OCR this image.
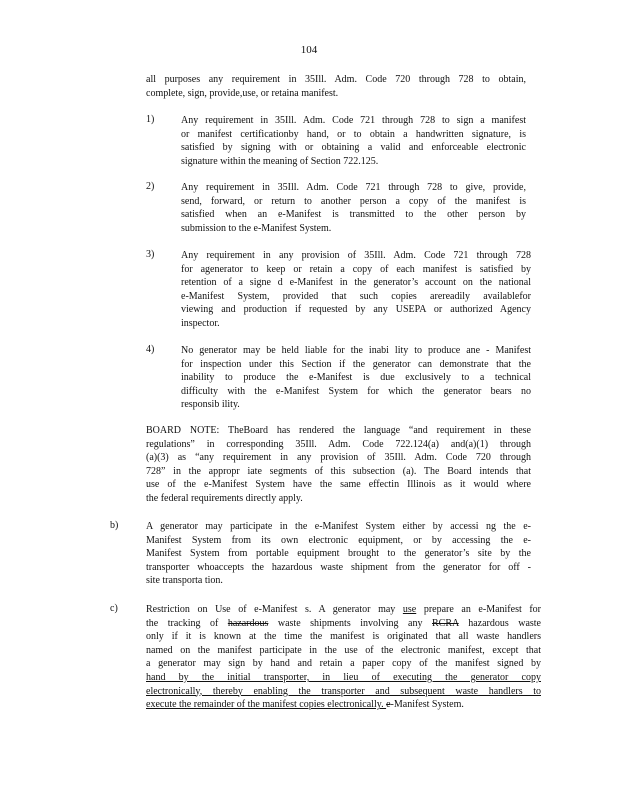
104
all purposes any requirement in 35Ill. Adm. Code 720 through 728 to obtain,
complete, sign, provide,use, or retaina manifest.
1)	Any requirement in 35Ill. Adm. Code 721 through 728 to sign a manifest
or manifest certificationby hand, or to obtain a handwritten signature, is
satisfied by signing with or obtaining a valid and enforceable electronic
signature within the meaning of Section 722.125.
2)	Any requirement in 35Ill. Adm. Code 721 through 728 to give, provide,
send, forward, or return to another person a copy of the manifest is
satisfied when an e-Manifest is transmitted to the other person by
submission to the e-Manifest System.
3)	Any requirement in any provision of 35Ill. Adm. Code 721 through 728
for agenerator to keep or retain a copy of each manifest is satisfied by
retention of a signe d e-Manifest in the generator’s account on the national
e-Manifest System, provided that such copies arereadily availablefor
viewing and production if requested by any USEPA or authorized Agency
inspector.
4)	No generator may be held liable for the inabi lity to produce ane - Manifest
for inspection under this Section if the generator can demonstrate that the
inability to produce the e-Manifest is due exclusively to a technical
difficulty with the e-Manifest System for which the generator bears no
responsib ility.
BOARD NOTE: TheBoard has rendered the language “and requirement in these
regulations” in corresponding 35Ill. Adm. Code 722.124(a) and(a)(1) through
(a)(3) as “any requirement in any provision of 35Ill. Adm. Code 720 through
728” in the appropr iate segments of this subsection (a). The Board intends that
use of the e-Manifest System have the same effectin Illinois as it would where
the federal requirements directly apply.
b)	A generator may participate in the e-Manifest System either by accessi ng the e-
Manifest System from its own electronic equipment, or by accessing the e-
Manifest System from portable equipment brought to the generator’s site by the
transporter whoaccepts the hazardous waste shipment from the generator for off -
site transporta tion.
c)	Restriction on Use of e-Manifest s. A generator may use prepare an e-Manifest for
the tracking of hazardous waste shipments involving any RCRA hazardous waste
only if it is known at the time the manifest is originated that all waste handlers
named on the manifest participate in the use of the electronic manifest, except that
a generator may sign by hand and retain a paper copy of the manifest signed by
hand by the initial transporter, in lieu of executing the generator copy
electronically, thereby enabling the transporter and subsequent waste handlers to
execute the remainder of the manifest copies electronically. e-Manifest System.
